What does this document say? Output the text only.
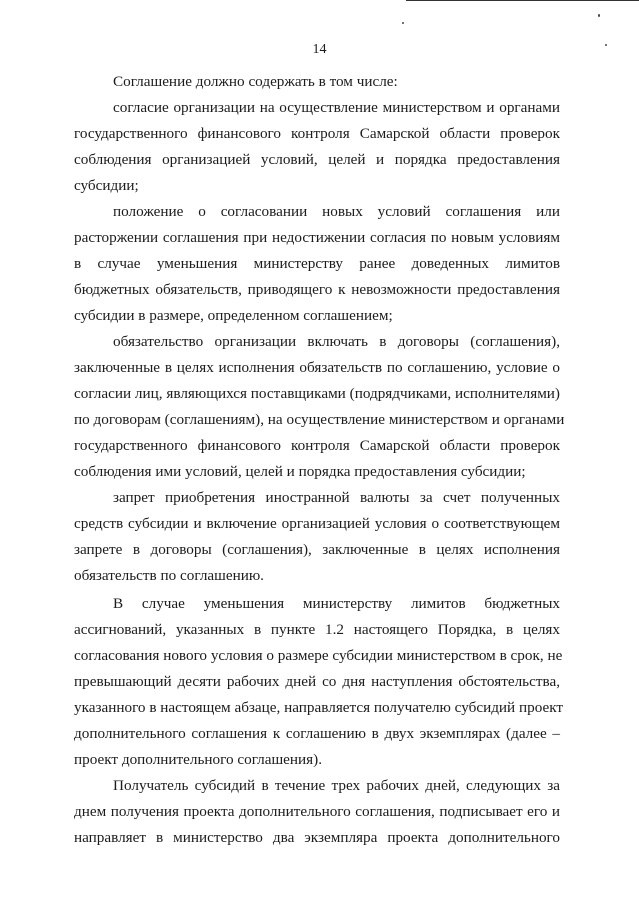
14
Соглашение должно содержать в том числе:
согласие организации на осуществление министерством и органами
государственного финансового контроля Самарской области проверок
соблюдения организацией условий, целей и порядка предоставления
субсидии;
положение о согласовании новых условий соглашения или
расторжении соглашения при недостижении согласия по новым условиям
в случае уменьшения министерству ранее доведенных лимитов
бюджетных обязательств, приводящего к невозможности предоставления
субсидии в размере, определенном соглашением;
обязательство организации включать в договоры (соглашения),
заключенные в целях исполнения обязательств по соглашению, условие о
согласии лиц, являющихся поставщиками (подрядчиками, исполнителями)
по договорам (соглашениям), на осуществление министерством и органами
государственного финансового контроля Самарской области проверок
соблюдения ими условий, целей и порядка предоставления субсидии;
запрет приобретения иностранной валюты за счет полученных
средств субсидии и включение организацией условия о соответствующем
запрете в договоры (соглашения), заключенные в целях исполнения
обязательств по соглашению.
В случае уменьшения министерству лимитов бюджетных
ассигнований, указанных в пункте 1.2 настоящего Порядка, в целях
согласования нового условия о размере субсидии министерством в срок, не
превышающий десяти рабочих дней со дня наступления обстоятельства,
указанного в настоящем абзаце, направляется получателю субсидий проект
дополнительного соглашения к соглашению в двух экземплярах (далее –
проект дополнительного соглашения).
Получатель субсидий в течение трех рабочих дней, следующих за
днем получения проекта дополнительного соглашения, подписывает его и
направляет в министерство два экземпляра проекта дополнительного
